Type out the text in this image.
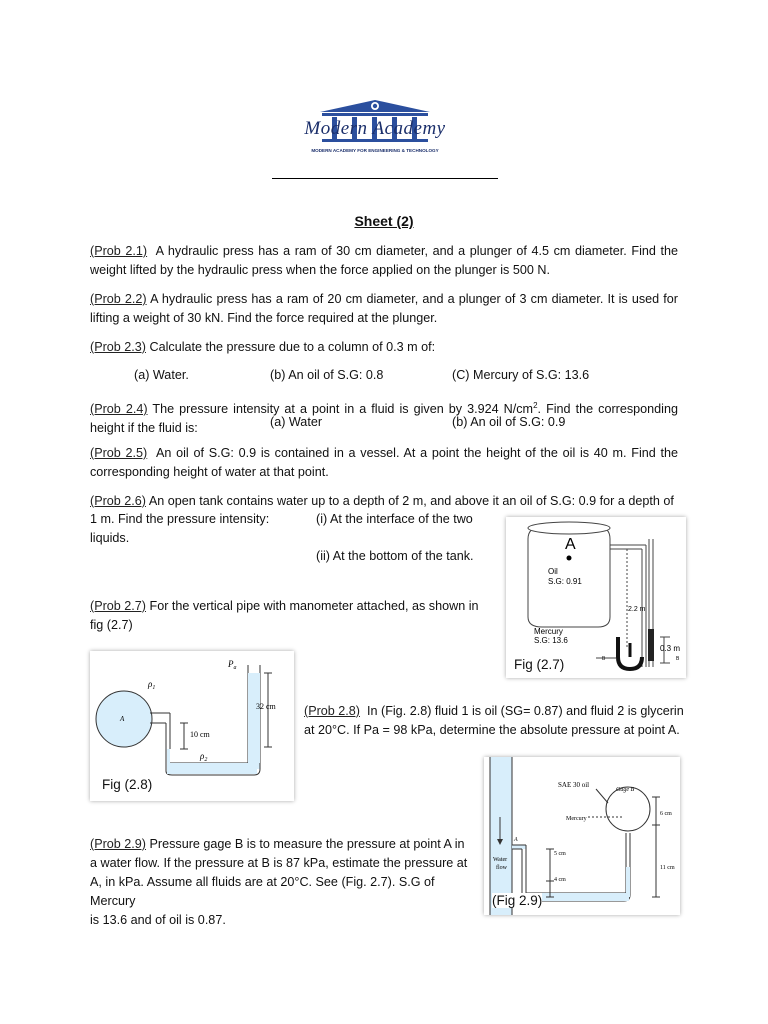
Modern Academy
MODERN ACADEMY FOR ENGINEERING & TECHNOLOGY
Sheet (2)
(Prob 2.1) A hydraulic press has a ram of 30 cm diameter, and a plunger of 4.5 cm diameter. Find the weight lifted by the hydraulic press when the force applied on the plunger is 500 N.
(Prob 2.2) A hydraulic press has a ram of 20 cm diameter, and a plunger of 3 cm diameter. It is used for lifting a weight of 30 kN. Find the force required at the plunger.
(Prob 2.3) Calculate the pressure due to a column of 0.3 m of:
(a) Water.	(b) An oil of S.G: 0.8	(C) Mercury of S.G: 13.6
(Prob 2.4) The pressure intensity at a point in a fluid is given by 3.924 $N/cm^2$. Find the corresponding height if the fluid is:	(a) Water	(b) An oil of S.G: 0.9
(Prob 2.5) An oil of S.G: 0.9 is contained in a vessel. At a point the height of the oil is 40 m. Find the corresponding height of water at that point.
(Prob 2.6) An open tank contains water up to a depth of 2 m, and above it an oil of S.G: 0.9 for a depth of
1 m. Find the pressure intensity:	(i) At the interface of the two
liquids.
(ii) At the bottom of the tank.
(Prob 2.7) For the vertical pipe with manometer attached, as shown in
fig (2.7)
A
Oil
S.G: 0.91
2.2 m
Mercury
S.G: 13.6
0.3 m
B	B
Fig (2.7)
A
$\rho_1$
$\rho_2$
$P_a$
10 cm
32 cm
Fig (2.8)
(Prob 2.8) In (Fig. 2.8) fluid 1 is oil (SG= 0.87) and fluid 2 is glycerin
at 20°C. If Pa = 98 kPa, determine the absolute pressure at point A.
SAE 30 oil
Gage B
Mercury
6 cm
5 cm
4 cm
11 cm
A
Water
flow
(Fig 2.9)
(Prob 2.9) Pressure gage B is to measure the pressure at point A in
a water flow. If the pressure at B is 87 kPa, estimate the pressure at
A, in kPa. Assume all fluids are at 20°C. See (Fig. 2.7). S.G of Mercury
is 13.6 and of oil is 0.87.
